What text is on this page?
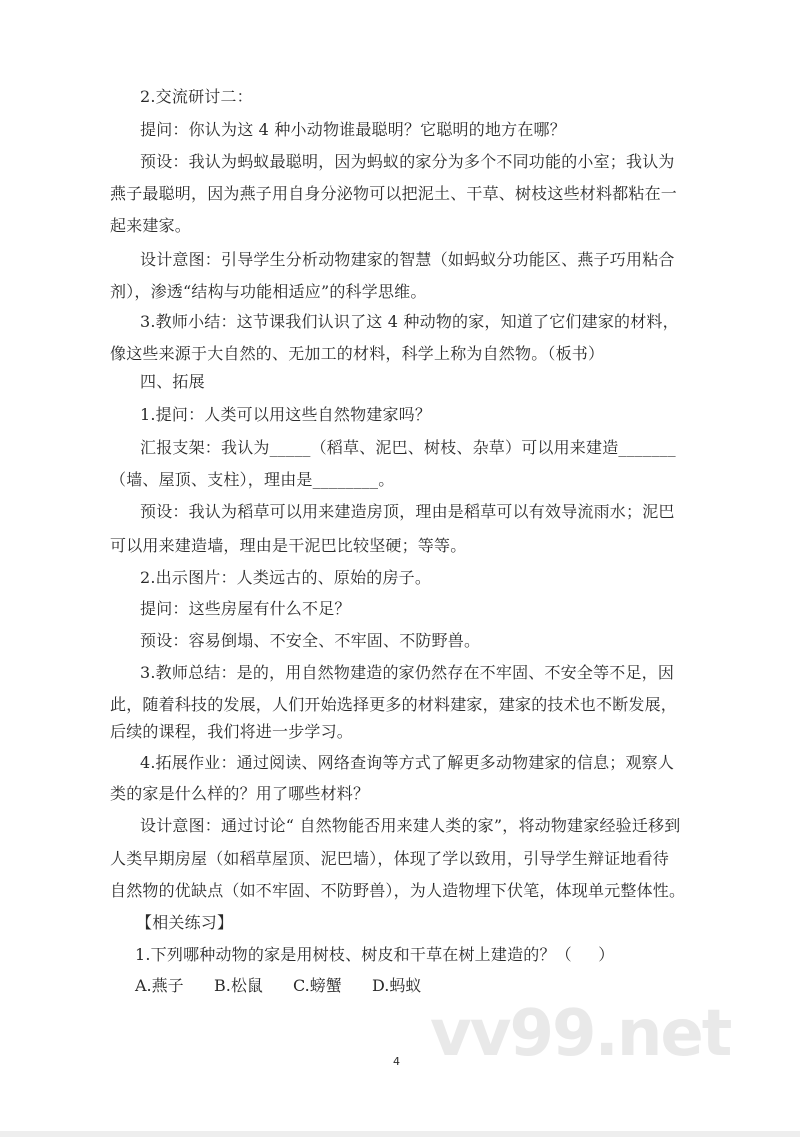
2.交流研讨二：
提问：你认为这 4 种小动物谁最聪明？它聪明的地方在哪？
预设：我认为蚂蚁最聪明，因为蚂蚁的家分为多个不同功能的小室；我认为
燕子最聪明，因为燕子用自身分泌物可以把泥土、干草、树枝这些材料都粘在一
起来建家。
设计意图：引导学生分析动物建家的智慧（如蚂蚁分功能区、燕子巧用粘合
剂），渗透“结构与功能相适应”的科学思维。
3.教师小结：这节课我们认识了这 4 种动物的家，知道了它们建家的材料，
像这些来源于大自然的、无加工的材料，科学上称为自然物。（板书）
四、拓展
1.提问：人类可以用这些自然物建家吗？
汇报支架：我认为_____（稻草、泥巴、树枝、杂草）可以用来建造_______
（墙、屋顶、支柱），理由是________。
预设：我认为稻草可以用来建造房顶，理由是稻草可以有效导流雨水；泥巴
可以用来建造墙，理由是干泥巴比较坚硬；等等。
2.出示图片：人类远古的、原始的房子。
提问：这些房屋有什么不足？
预设：容易倒塌、不安全、不牢固、不防野兽。
3.教师总结：是的，用自然物建造的家仍然存在不牢固、不安全等不足，因
此，随着科技的发展，人们开始选择更多的材料建家，建家的技术也不断发展，
后续的课程，我们将进一步学习。
4.拓展作业：通过阅读、网络查询等方式了解更多动物建家的信息；观察人
类的家是什么样的？用了哪些材料？
设计意图：通过讨论“ 自然物能否用来建人类的家”，将动物建家经验迁移到
人类早期房屋（如稻草屋顶、泥巴墙），体现了学以致用，引导学生辩证地看待
自然物的优缺点（如不牢固、不防野兽），为人造物埋下伏笔，体现单元整体性。
【相关练习】
1.下列哪种动物的家是用树枝、树皮和干草在树上建造的？（     ）
A.燕子 B.松鼠 C.螃蟹 D.蚂蚁
vv99.net
4
